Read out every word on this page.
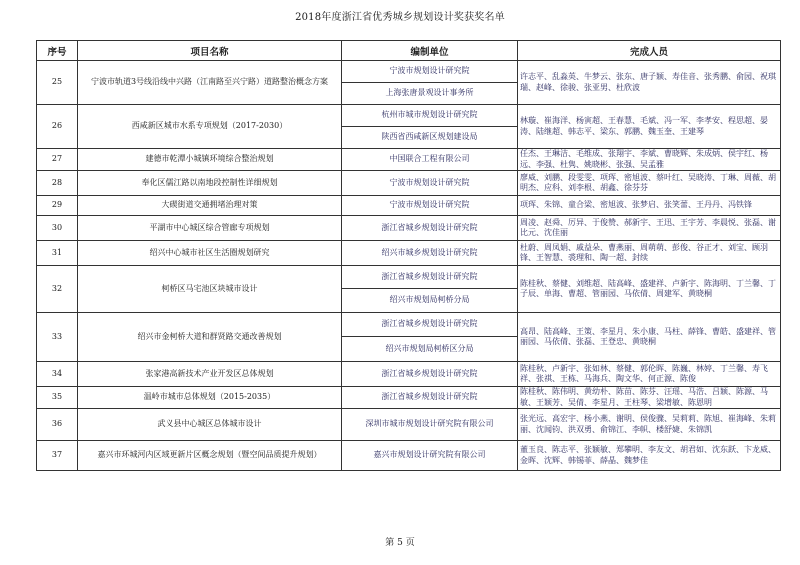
2018年度浙江省优秀城乡规划设计奖获奖名单
序号	项目名称	编制单位	完成人员
25	宁波市轨道3号线沿线中兴路（江南路至兴宁路）道路整治概念方案	宁波市规划设计研究院	许志平、乱淼英、牛梦云、张东、唐子颖、寿佳音、张秀鹏、俞园、祝琪瑞、赵峰、徐骏、张亚男、杜欣波
		上海张唐景观设计事务所	
26	西咸新区城市水系专项规划（2017-2030）	杭州市城市规划设计研究院	林璇、崔海洋、杨寅超、王春慧、毛斌、冯一军、李孝安、程思超、晏涛、陆继超、韩志平、梁东、郭鹏、魏玉奎、王建琴
		陕西省西咸新区规划建设局	
27	建德市乾潭小城镇环境综合整治规划	中国联合工程有限公司	任杰、王琳洁、毛维成、张翔宇、李斌、曹晓辉、朱成炳、侯宇红、杨远、李强、杜隽、姚晓彬、张强、吴孟雅
28	奉化区儒江路以南地段控制性详细规划	宁波市规划设计研究院	廖威、刘鹏、段雯雯、项珲、密旭波、蔡叶红、吴晓涛、丁琳、周薇、胡明杰、应科、刘李根、胡鑫、徐芬芬
29	大碶街道交通拥堵治理对策	宁波市规划设计研究院	项珲、朱锦、童合梁、密旭波、张梦启、张笑蕾、王丹丹、冯铁锋
30	平湖市中心城区综合管廊专项规划	浙江省城乡规划设计研究院	周凌、赵舜、厉异、于俊赞、郝新宇、王迅、王宇芳、李晨悦、张磊、谢比元、沈佳丽
31	绍兴中心城市社区生活圈规划研究	绍兴市城乡规划设计研究院	杜蔚、周凤娟、戚益朵、曹燕丽、周萌萌、彭俊、谷正才、刘宝、顾羽锋、王智慧、裘理和、陶一超、封续
32	柯桥区马宅池区块城市设计	浙江省城乡规划设计研究院	陈桂秋、蔡健、刘维超、陆高峰、盛建祥、卢新宇、陈海明、丁兰馨、丁子辰、单海、曹超、管丽园、马依倩、周建军、黄晓桐
		绍兴市规划局柯桥分局	
33	绍兴市金柯桥大道和群贤路交通改善规划	浙江省城乡规划设计研究院	高昂、陆高峰、王策、李星月、朱小康、马柱、薛锋、曹皓、盛建祥、管丽园、马依倩、张磊、王登忠、黄晓桐
		绍兴市规划局柯桥区分局	
34	张家港高新技术产业开发区总体规划	浙江省城乡规划设计研究院	陈桂秋、卢新宇、张如林、蔡健、郭伦晖、陈巍、林婷、丁兰馨、寿飞祥、张祺、王栋、马海兵、陶文华、何正源、陈俊
35	温岭市城市总体规划（2015-2035）	浙江省城乡规划设计研究院	陈桂秋、陈伟明、黄幼朴、陈苗、陈芬、汪瑶、马浩、吕颖、陈源、马敏、王颖芳、吴倩、李星月、王柱琴、梁增敏、陈恩明
36	武义县中心城区总体城市设计	深圳市城市规划设计研究院有限公司	张光远、高宏宇、杨小燕、谢明、侯俊骤、吴莉莉、陈旭、崔海峰、朱莉丽、沈闻钧、洪双勇、俞锦江、李帜、楼舒婕、朱锦凯
37	嘉兴市环城河内区域更新片区概念规划（暨空间品质提升规划）	嘉兴市规划设计研究院有限公司	董玉良、陈志平、张颖敏、郑攀明、李友文、胡君如、沈东跃、卞龙威、金晖、沈辉、韩锡菲、薛晶、魏梦佳
第 5 页
